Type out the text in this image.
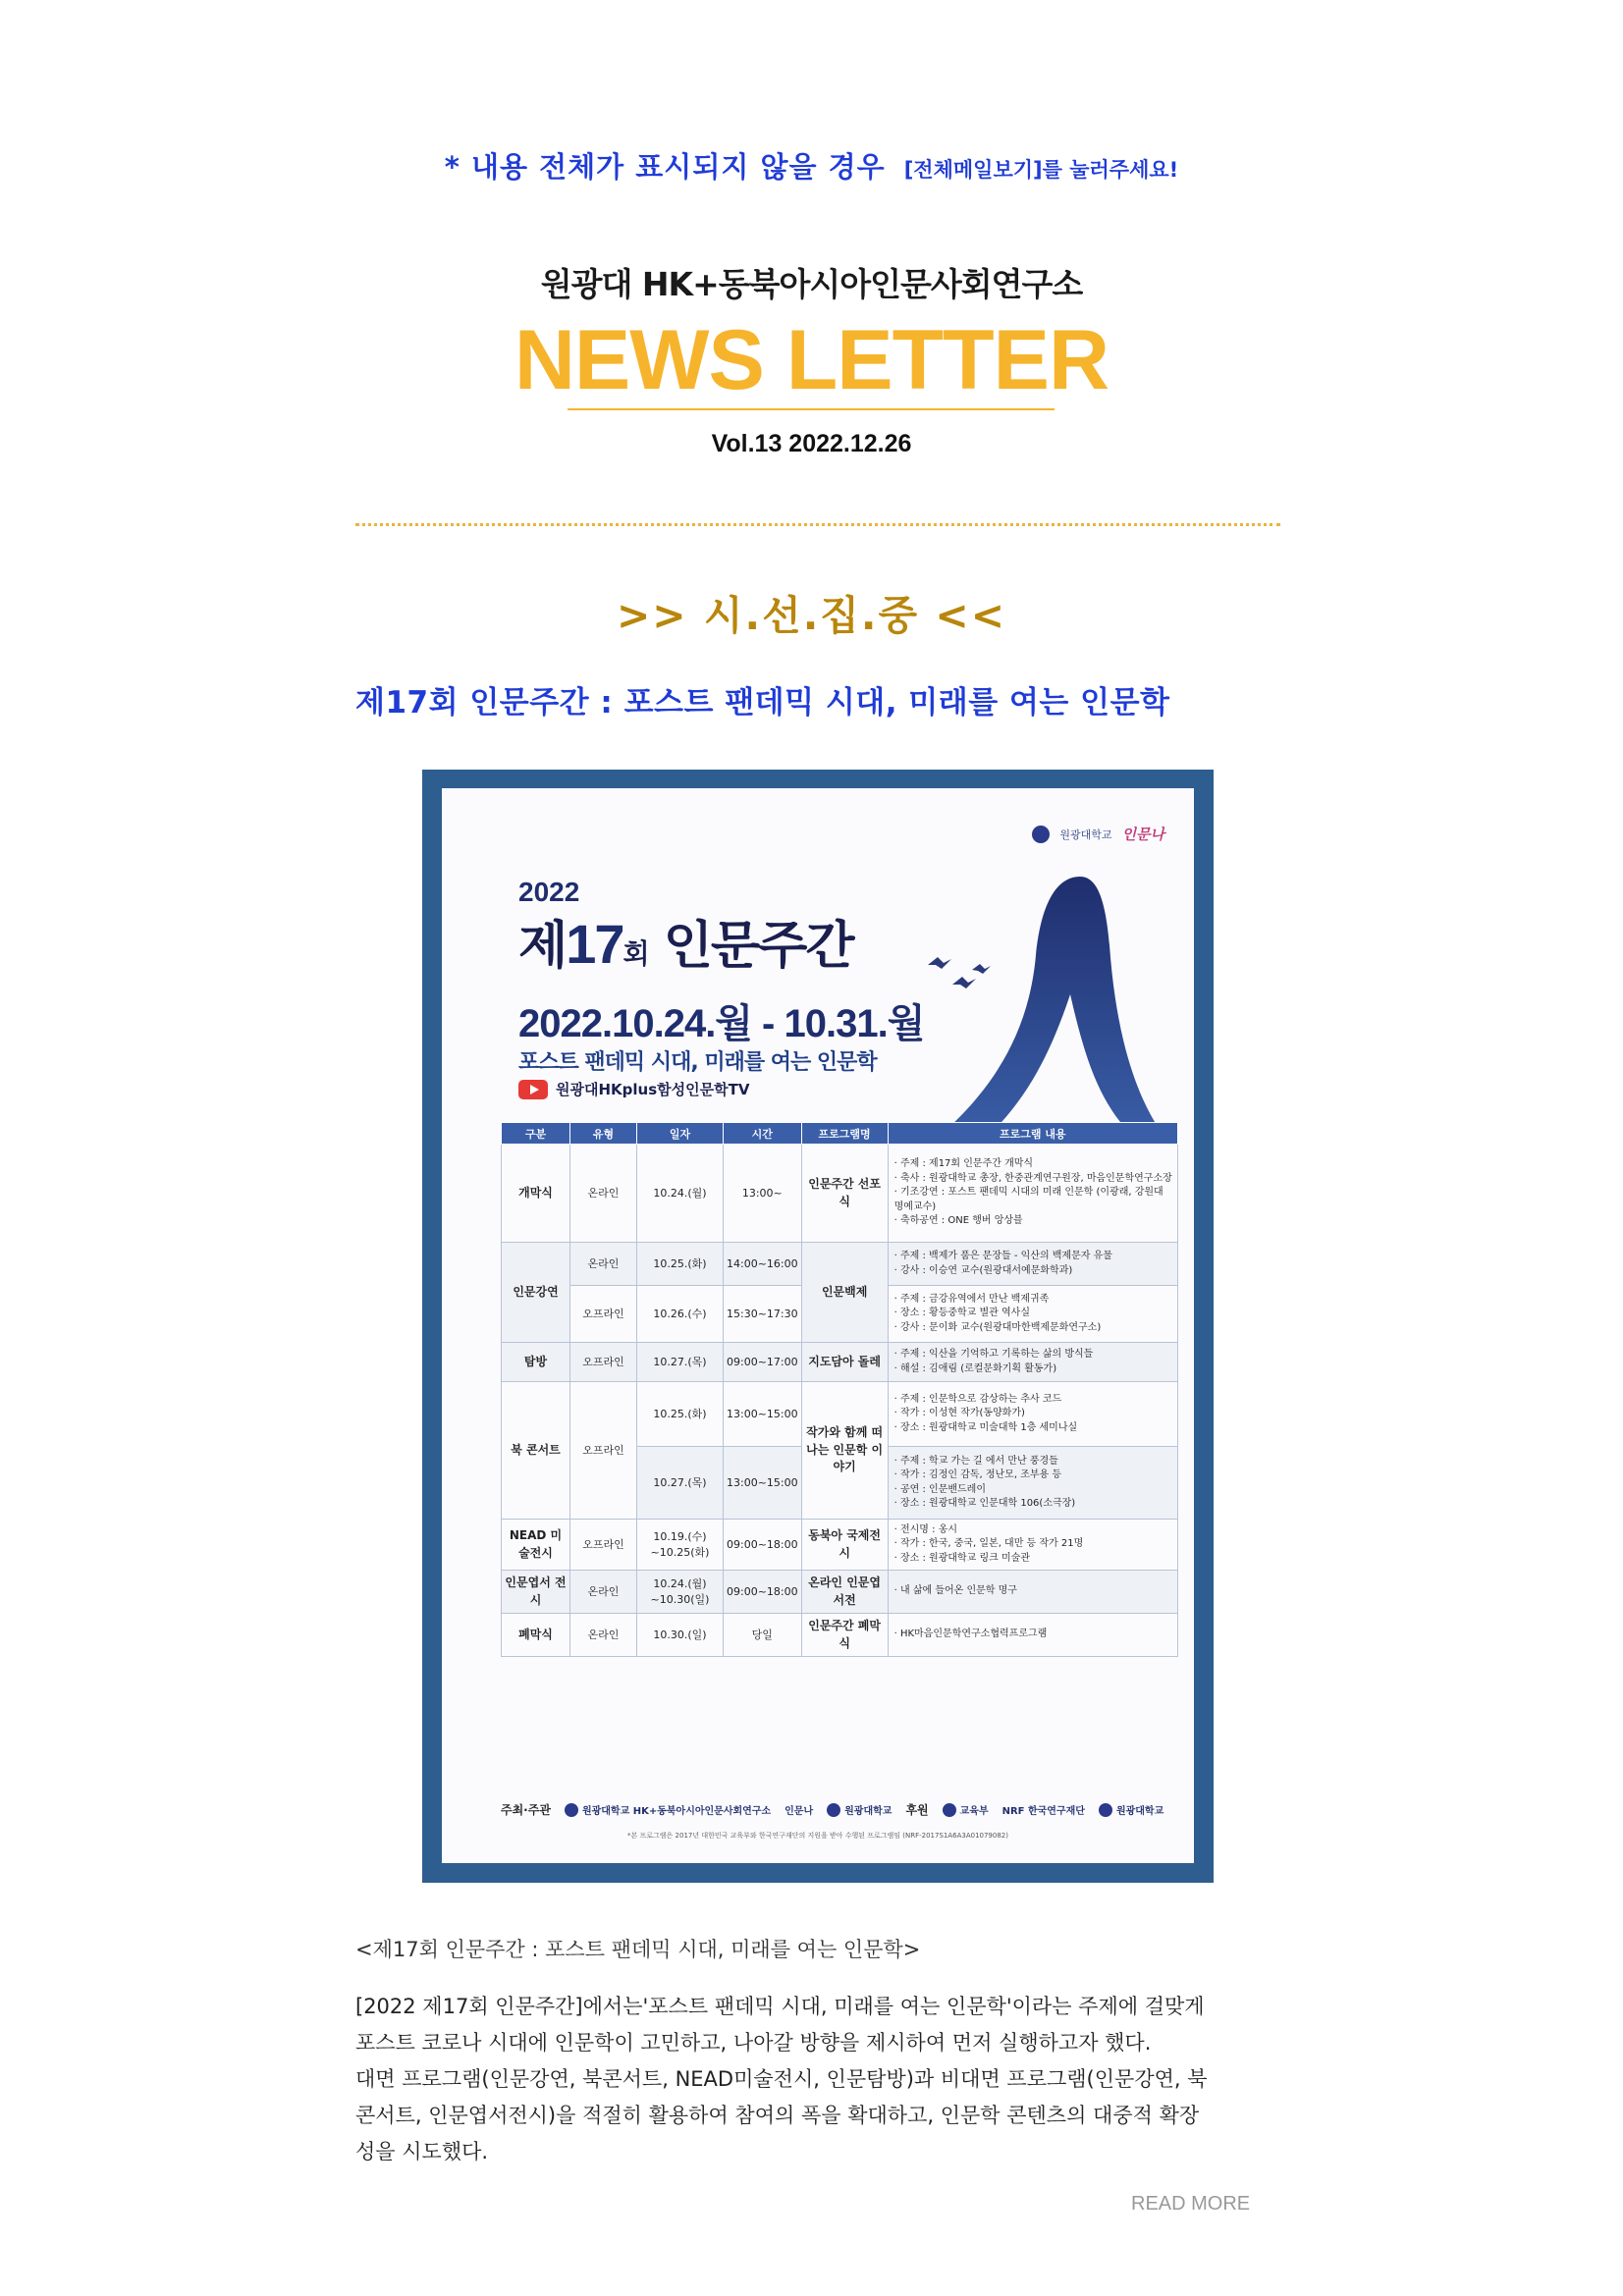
* 내용 전체가 표시되지 않을 경우 [전체메일보기]를 눌러주세요!
원광대 HK+동북아시아인문사회연구소
NEWS LETTER
Vol.13 2022.12.26
>> 시.선.집.중 <<
제17회 인문주간 : 포스트 팬데믹 시대, 미래를 여는 인문학
원광대학교 인문나
2022
제17회 인문주간
2022.10.24.월 - 10.31.월
포스트 팬데믹 시대, 미래를 여는 인문학
원광대HKplus함성인문학TV
구분	유형	일자	시간	프로그램명	프로그램 내용
개막식	온라인	10.24.(월)	13:00~	인문주간 선포식	· 주제 : 제17회 인문주간 개막식
· 축사 : 원광대학교 총장, 한중관계연구원장, 마음인문학연구소장
· 기조강연 : 포스트 팬데믹 시대의 미래 인문학 (이광래, 강원대 명예교수)
· 축하공연 : ONE 행버 앙상블

인문강연	온라인	10.25.(화)	14:00~16:00	인문백제	· 주제 : 백제가 품은 문장들 - 익산의 백제문자 유물
· 강사 : 이승연 교수(원광대서예문화학과)

	오프라인	10.26.(수)	15:30~17:30		· 주제 : 금강유역에서 만난 백제귀족
· 장소 : 황등중학교 별관 역사실
· 강사 : 문이화 교수(원광대마한백제문화연구소)

탐방	오프라인	10.27.(목)	09:00~17:00	지도담아 돌레	· 주제 : 익산을 기억하고 기록하는 삶의 방식들
· 해설 : 김애림 (로컬문화기획 활동가)

북 콘서트	오프라인	10.25.(화)	13:00~15:00	작가와 함께 떠나는 인문학 이야기	· 주제 : 인문학으로 감상하는 추사 코드
· 작가 : 이성현 작가(동양화가)
· 장소 : 원광대학교 미술대학 1층 세미나실

		10.27.(목)	13:00~15:00		· 주제 : 학교 가는 길 에서 만난 풍경들
· 작가 : 김정인 감독, 정난모, 조부용 등
· 공연 : 인문밴드레이
· 장소 : 원광대학교 인문대학 106(소극장)

NEAD 미술전시	오프라인	10.19.(수) ~10.25(화)	09:00~18:00	동북아 국제전시	· 전시명 : 옹시
· 작가 : 한국, 중국, 일본, 대만 등 작가 21명
· 장소 : 원광대학교 링크 미술관

인문엽서 전시	온라인	10.24.(월) ~10.30(일)	09:00~18:00	온라인 인문엽서전	· 내 삶에 들어온 인문학 명구

폐막식	온라인	10.30.(일)	당일	인문주간 폐막식	· HK마음인문학연구소협력프로그램
주최·주관	원광대학교 HK+동북아시아인문사회연구소 인문나	원광대학교 후원	교육부 NRF 한국연구재단	원광대학교
*본 프로그램은 2017년 대한민국 교육부와 한국연구재단의 지원을 받아 수행된 프로그램임 (NRF-2017S1A6A3A01079082)
<제17회 인문주간 : 포스트 팬데믹 시대, 미래를 여는 인문학>
[2022 제17회 인문주간]에서는'포스트 팬데믹 시대, 미래를 여는 인문학'이라는 주제에 걸맞게
포스트 코로나 시대에 인문학이 고민하고, 나아갈 방향을 제시하여 먼저 실행하고자 했다.
대면 프로그램(인문강연, 북콘서트, NEAD미술전시, 인문탐방)과 비대면 프로그램(인문강연, 북
콘서트, 인문엽서전시)을 적절히 활용하여 참여의 폭을 확대하고, 인문학 콘텐츠의 대중적 확장
성을 시도했다.
READ MORE
